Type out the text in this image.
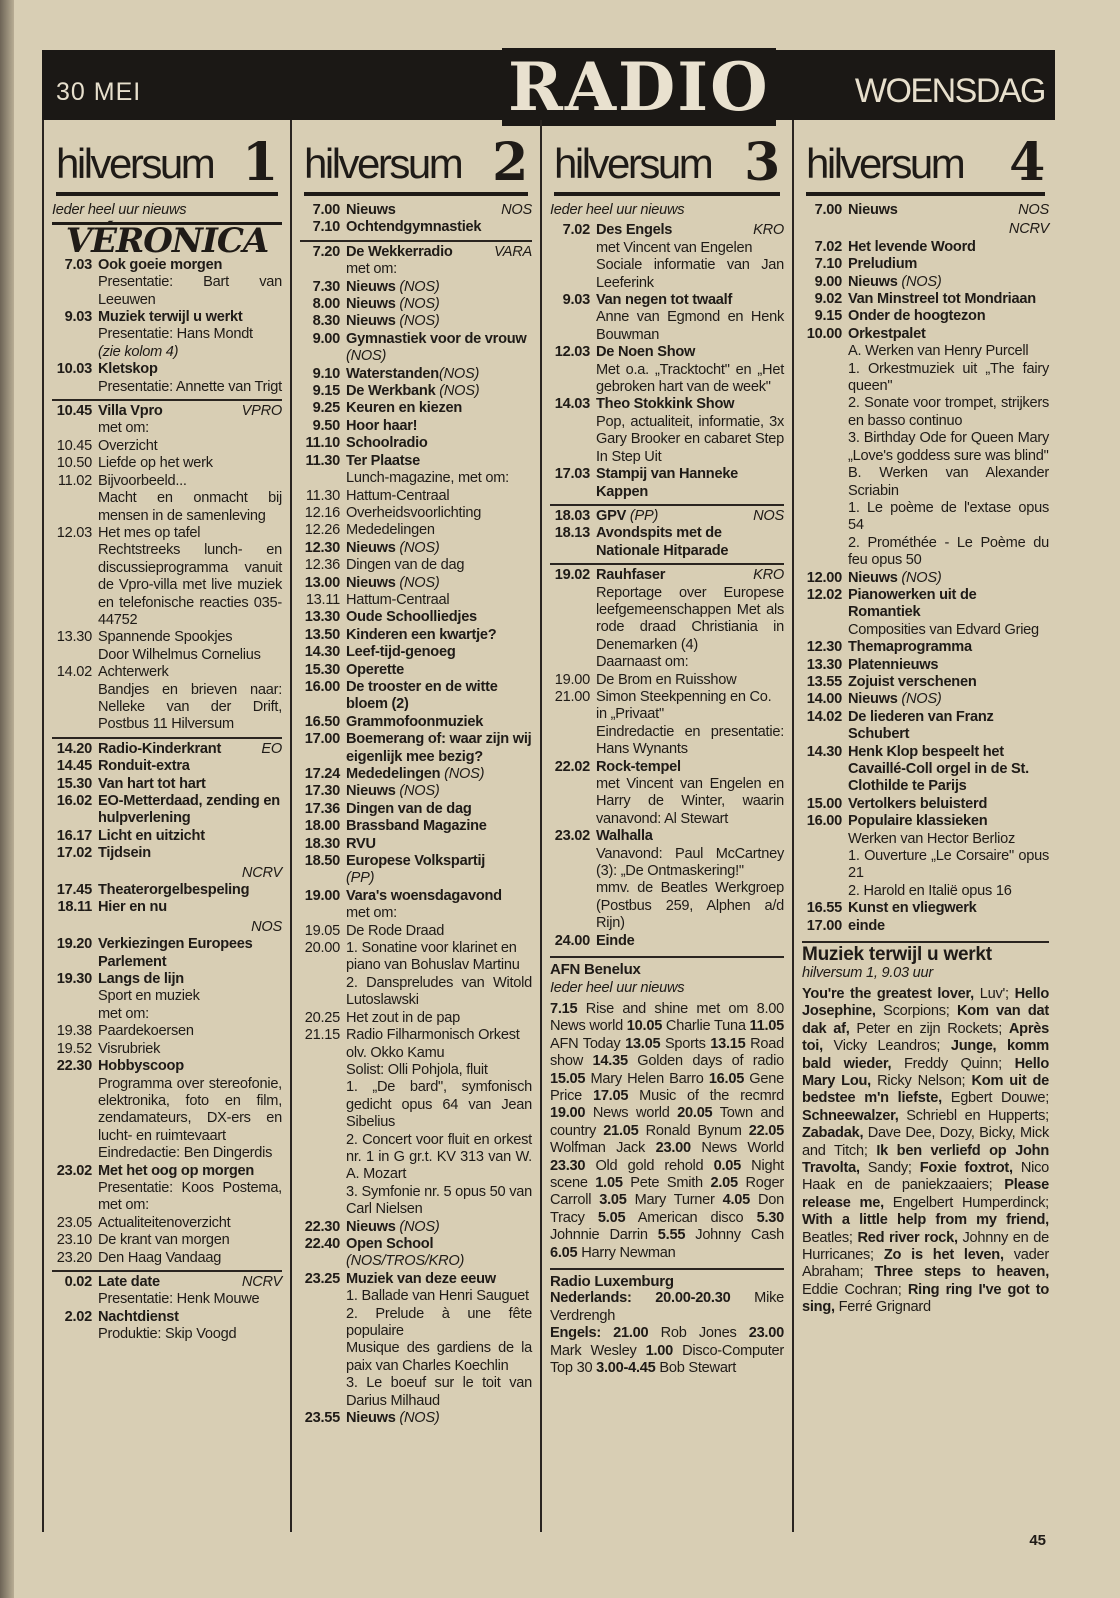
30 MEI	RADIO	WOENSDAG
hilversum 1
Ieder heel uur nieuws
VÉRONICA
7.03 Ook goeie morgen
Presentatie: Bart van Leeuwen
9.03 Muziek terwijl u werkt
Presentatie: Hans Mondt
(zie kolom 4)
10.03 Kletskop
Presentatie: Annette van Trigt
10.45 Villa Vpro	VPRO
met om:
10.45 Overzicht
10.50 Liefde op het werk
11.02 Bijvoorbeeld...
Macht en onmacht bij mensen in de samenleving
12.03 Het mes op tafel
Rechtstreeks lunch- en discussieprogramma vanuit de Vpro-villa met live muziek en telefonische reacties 035-44752
13.30 Spannende Spookjes
Door Wilhelmus Cornelius
14.02 Achterwerk
Bandjes en brieven naar: Nelleke van der Drift, Postbus 11 Hilversum
14.20 Radio-Kinderkrant	EO
14.45 Ronduit-extra
15.30 Van hart tot hart
16.02 EO-Metterdaad, zending en hulpverlening
16.17 Licht en uitzicht
17.02 Tijdsein
NCRV
17.45 Theaterorgelbespeling
18.11 Hier en nu
NOS
19.20 Verkiezingen Europees Parlement
19.30 Langs de lijn
Sport en muziek
met om:
19.38 Paardekoersen
19.52 Visrubriek
22.30 Hobbyscoop
Programma over stereofonie, elektronika, foto en film, zendamateurs, DX-ers en lucht- en ruimtevaart
Eindredactie: Ben Dingerdis
23.02 Met het oog op morgen
Presentatie: Koos Postema, met om:
23.05 Actualiteitenoverzicht
23.10 De krant van morgen
23.20 Den Haag Vandaag
0.02 Late date	NCRV
Presentatie: Henk Mouwe
2.02 Nachtdienst
Produktie: Skip Voogd
hilversum 2
7.00 Nieuws	NOS
7.10 Ochtendgymnastiek
7.20 De Wekkerradio	VARA
met om:
7.30 Nieuws (NOS)
8.00 Nieuws (NOS)
8.30 Nieuws (NOS)
9.00 Gymnastiek voor de vrouw (NOS)
9.10 Waterstanden(NOS)
9.15 De Werkbank (NOS)
9.25 Keuren en kiezen
9.50 Hoor haar!
11.10 Schoolradio
11.30 Ter Plaatse
Lunch-magazine, met om:
11.30 Hattum-Centraal
12.16 Overheidsvoorlichting
12.26 Mededelingen
12.30 Nieuws (NOS)
12.36 Dingen van de dag
13.00 Nieuws (NOS)
13.11 Hattum-Centraal
13.30 Oude Schoolliedjes
13.50 Kinderen een kwartje?
14.30 Leef-tijd-genoeg
15.30 Operette
16.00 De trooster en de witte bloem (2)
16.50 Grammofoonmuziek
17.00 Boemerang of: waar zijn wij eigenlijk mee bezig?
17.24 Mededelingen (NOS)
17.30 Nieuws (NOS)
17.36 Dingen van de dag
18.00 Brassband Magazine
18.30 RVU
18.50 Europese Volkspartij
(PP)
19.00 Vara's woensdagavond
met om:
19.05 De Rode Draad
20.00 1. Sonatine voor klarinet en piano van Bohuslav Martinu
2. Danspreludes van Witold Lutoslawski
20.25 Het zout in de pap
21.15 Radio Filharmonisch Orkest olv. Okko Kamu
Solist: Olli Pohjola, fluit
1. „De bard", symfonisch gedicht opus 64 van Jean Sibelius
2. Concert voor fluit en orkest nr. 1 in G gr.t. KV 313 van W. A. Mozart
3. Symfonie nr. 5 opus 50 van Carl Nielsen
22.30 Nieuws (NOS)
22.40 Open School
(NOS/TROS/KRO)
23.25 Muziek van deze eeuw
1. Ballade van Henri Sauguet
2. Prelude à une fête populaire
Musique des gardiens de la paix van Charles Koechlin
3. Le boeuf sur le toit van Darius Milhaud
23.55 Nieuws (NOS)
hilversum 3
Ieder heel uur nieuws
7.02 Des Engels	KRO
met Vincent van Engelen
Sociale informatie van Jan Leeferink
9.03 Van negen tot twaalf
Anne van Egmond en Henk Bouwman
12.03 De Noen Show
Met o.a. „Tracktocht" en „Het gebroken hart van de week"
14.03 Theo Stokkink Show
Pop, actualiteit, informatie, 3x Gary Brooker en cabaret Step In Step Uit
17.03 Stampij van Hanneke Kappen
18.03 GPV (PP)	NOS
18.13 Avondspits met de Nationale Hitparade
19.02 Rauhfaser	KRO
Reportage over Europese leefgemeenschappen Met als rode draad Christiania in Denemarken (4)
Daarnaast om:
19.00 De Brom en Ruisshow
21.00 Simon Steekpenning en Co. in „Privaat"
Eindredactie en presentatie: Hans Wynants
22.02 Rock-tempel
met Vincent van Engelen en Harry de Winter, waarin vanavond: Al Stewart
23.02 Walhalla
Vanavond: Paul McCartney (3): „De Ontmaskering!"
mmv. de Beatles Werkgroep (Postbus 259, Alphen a/d Rijn)
24.00 Einde
AFN Benelux
Ieder heel uur nieuws
7.15 Rise and shine met om 8.00 News world 10.05 Charlie Tuna 11.05 AFN Today 13.05 Sports 13.15 Road show 14.35 Golden days of radio 15.05 Mary Helen Barro 16.05 Gene Price 17.05 Music of the recmrd 19.00 News world 20.05 Town and country 21.05 Ronald Bynum 22.05 Wolfman Jack 23.00 News World 23.30 Old gold rehold 0.05 Night scene 1.05 Pete Smith 2.05 Roger Carroll 3.05 Mary Turner 4.05 Don Tracy 5.05 American disco 5.30 Johnnie Darrin 5.55 Johnny Cash 6.05 Harry Newman
Radio Luxemburg
Nederlands: 20.00-20.30 Mike Verdrengh
Engels: 21.00 Rob Jones 23.00 Mark Wesley 1.00 Disco-Computer Top 30 3.00-4.45 Bob Stewart
hilversum 4
7.00 Nieuws	NOS
NCRV
7.02 Het levende Woord
7.10 Preludium
9.00 Nieuws (NOS)
9.02 Van Minstreel tot Mondriaan
9.15 Onder de hoogtezon
10.00 Orkestpalet
A. Werken van Henry Purcell
1. Orkestmuziek uit „The fairy queen"
2. Sonate voor trompet, strijkers en basso continuo
3. Birthday Ode for Queen Mary „Love's goddess sure was blind"
B. Werken van Alexander Scriabin
1. Le poème de l'extase opus 54
2. Prométhée - Le Poème du feu opus 50
12.00 Nieuws (NOS)
12.02 Pianowerken uit de Romantiek
Composities van Edvard Grieg
12.30 Themaprogramma
13.30 Platennieuws
13.55 Zojuist verschenen
14.00 Nieuws (NOS)
14.02 De liederen van Franz Schubert
14.30 Henk Klop bespeelt het Cavaillé-Coll orgel in de St. Clothilde te Parijs
15.00 Vertolkers beluisterd
16.00 Populaire klassieken
Werken van Hector Berlioz
1. Ouverture „Le Corsaire" opus 21
2. Harold en Italië opus 16
16.55 Kunst en vliegwerk
17.00 einde
Muziek terwijl u werkt
hilversum 1, 9.03 uur
You're the greatest lover, Luv'; Hello Josephine, Scorpions; Kom van dat dak af, Peter en zijn Rockets; Après toi, Vicky Leandros; Junge, komm bald wieder, Freddy Quinn; Hello Mary Lou, Ricky Nelson; Kom uit de bedstee m'n liefste, Egbert Douwe; Schneewalzer, Schriebl en Hupperts; Zabadak, Dave Dee, Dozy, Bicky, Mick and Titch; Ik ben verliefd op John Travolta, Sandy; Foxie foxtrot, Nico Haak en de paniekzaaiers; Please release me, Engelbert Humperdinck; With a little help from my friend, Beatles; Red river rock, Johnny en de Hurricanes; Zo is het leven, vader Abraham; Three steps to heaven, Eddie Cochran; Ring ring I've got to sing, Ferré Grignard
45
